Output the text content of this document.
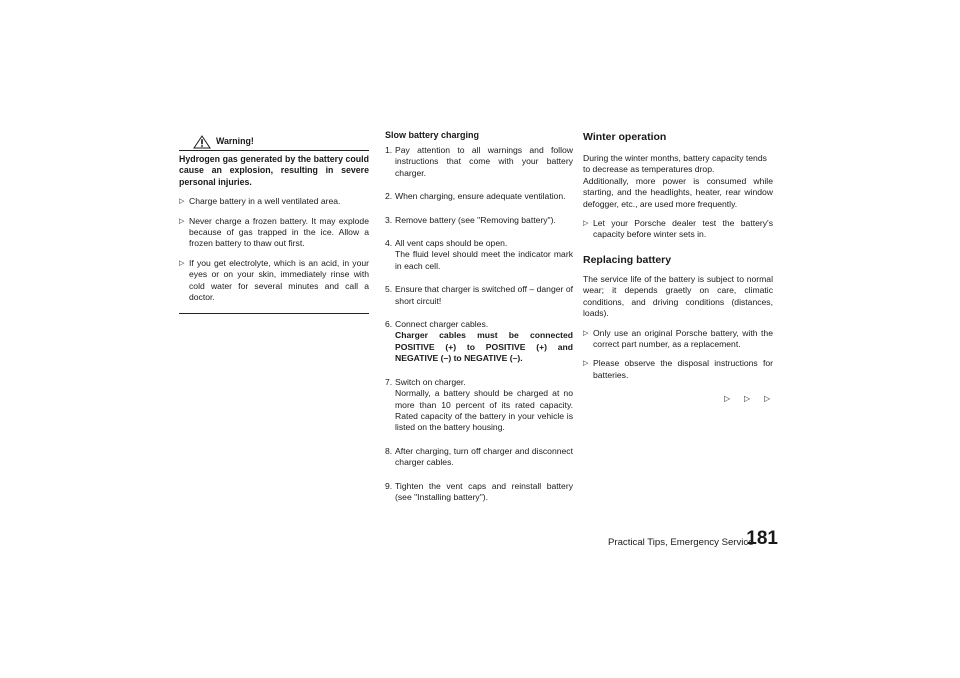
Warning!

Hydrogen gas generated by the battery could cause an explosion, resulting in severe personal injuries.

▷ Charge battery in a well ventilated area.
▷ Never charge a frozen battery. It may explode because of gas trapped in the ice. Allow a frozen battery to thaw out first.
▷ If you get electrolyte, which is an acid, in your eyes or on your skin, immediately rinse with cold water for several minutes and call a doctor.
Slow battery charging
1. Pay attention to all warnings and follow instructions that come with your battery charger.
2. When charging, ensure adequate ventilation.
3. Remove battery (see "Removing battery").
4. All vent caps should be open.
The fluid level should meet the indicator mark in each cell.
5. Ensure that charger is switched off – danger of short circuit!
6. Connect charger cables.
Charger cables must be connected POSITIVE (+) to POSITIVE (+) and NEGATIVE (–) to NEGATIVE (–).
7. Switch on charger.
Normally, a battery should be charged at no more than 10 percent of its rated capacity. Rated capacity of the battery in your vehicle is listed on the battery housing.
8. After charging, turn off charger and disconnect charger cables.
9. Tighten the vent caps and reinstall battery (see "Installing battery").
Winter operation

During the winter months, battery capacity tends to decrease as temperatures drop.

Additionally, more power is consumed while starting, and the headlights, heater, rear window defogger, etc., are used more frequently.

▷ Let your Porsche dealer test the battery's capacity before winter sets in.
Replacing battery

The service life of the battery is subject to normal wear; it depends graetly on care, climatic conditions, and driving conditions (distances, loads).

▷ Only use an original Porsche battery, with the correct part number, as a replacement.
▷ Please observe the disposal instructions for batteries.
▷ ▷ ▷
Practical Tips, Emergency Service
181
